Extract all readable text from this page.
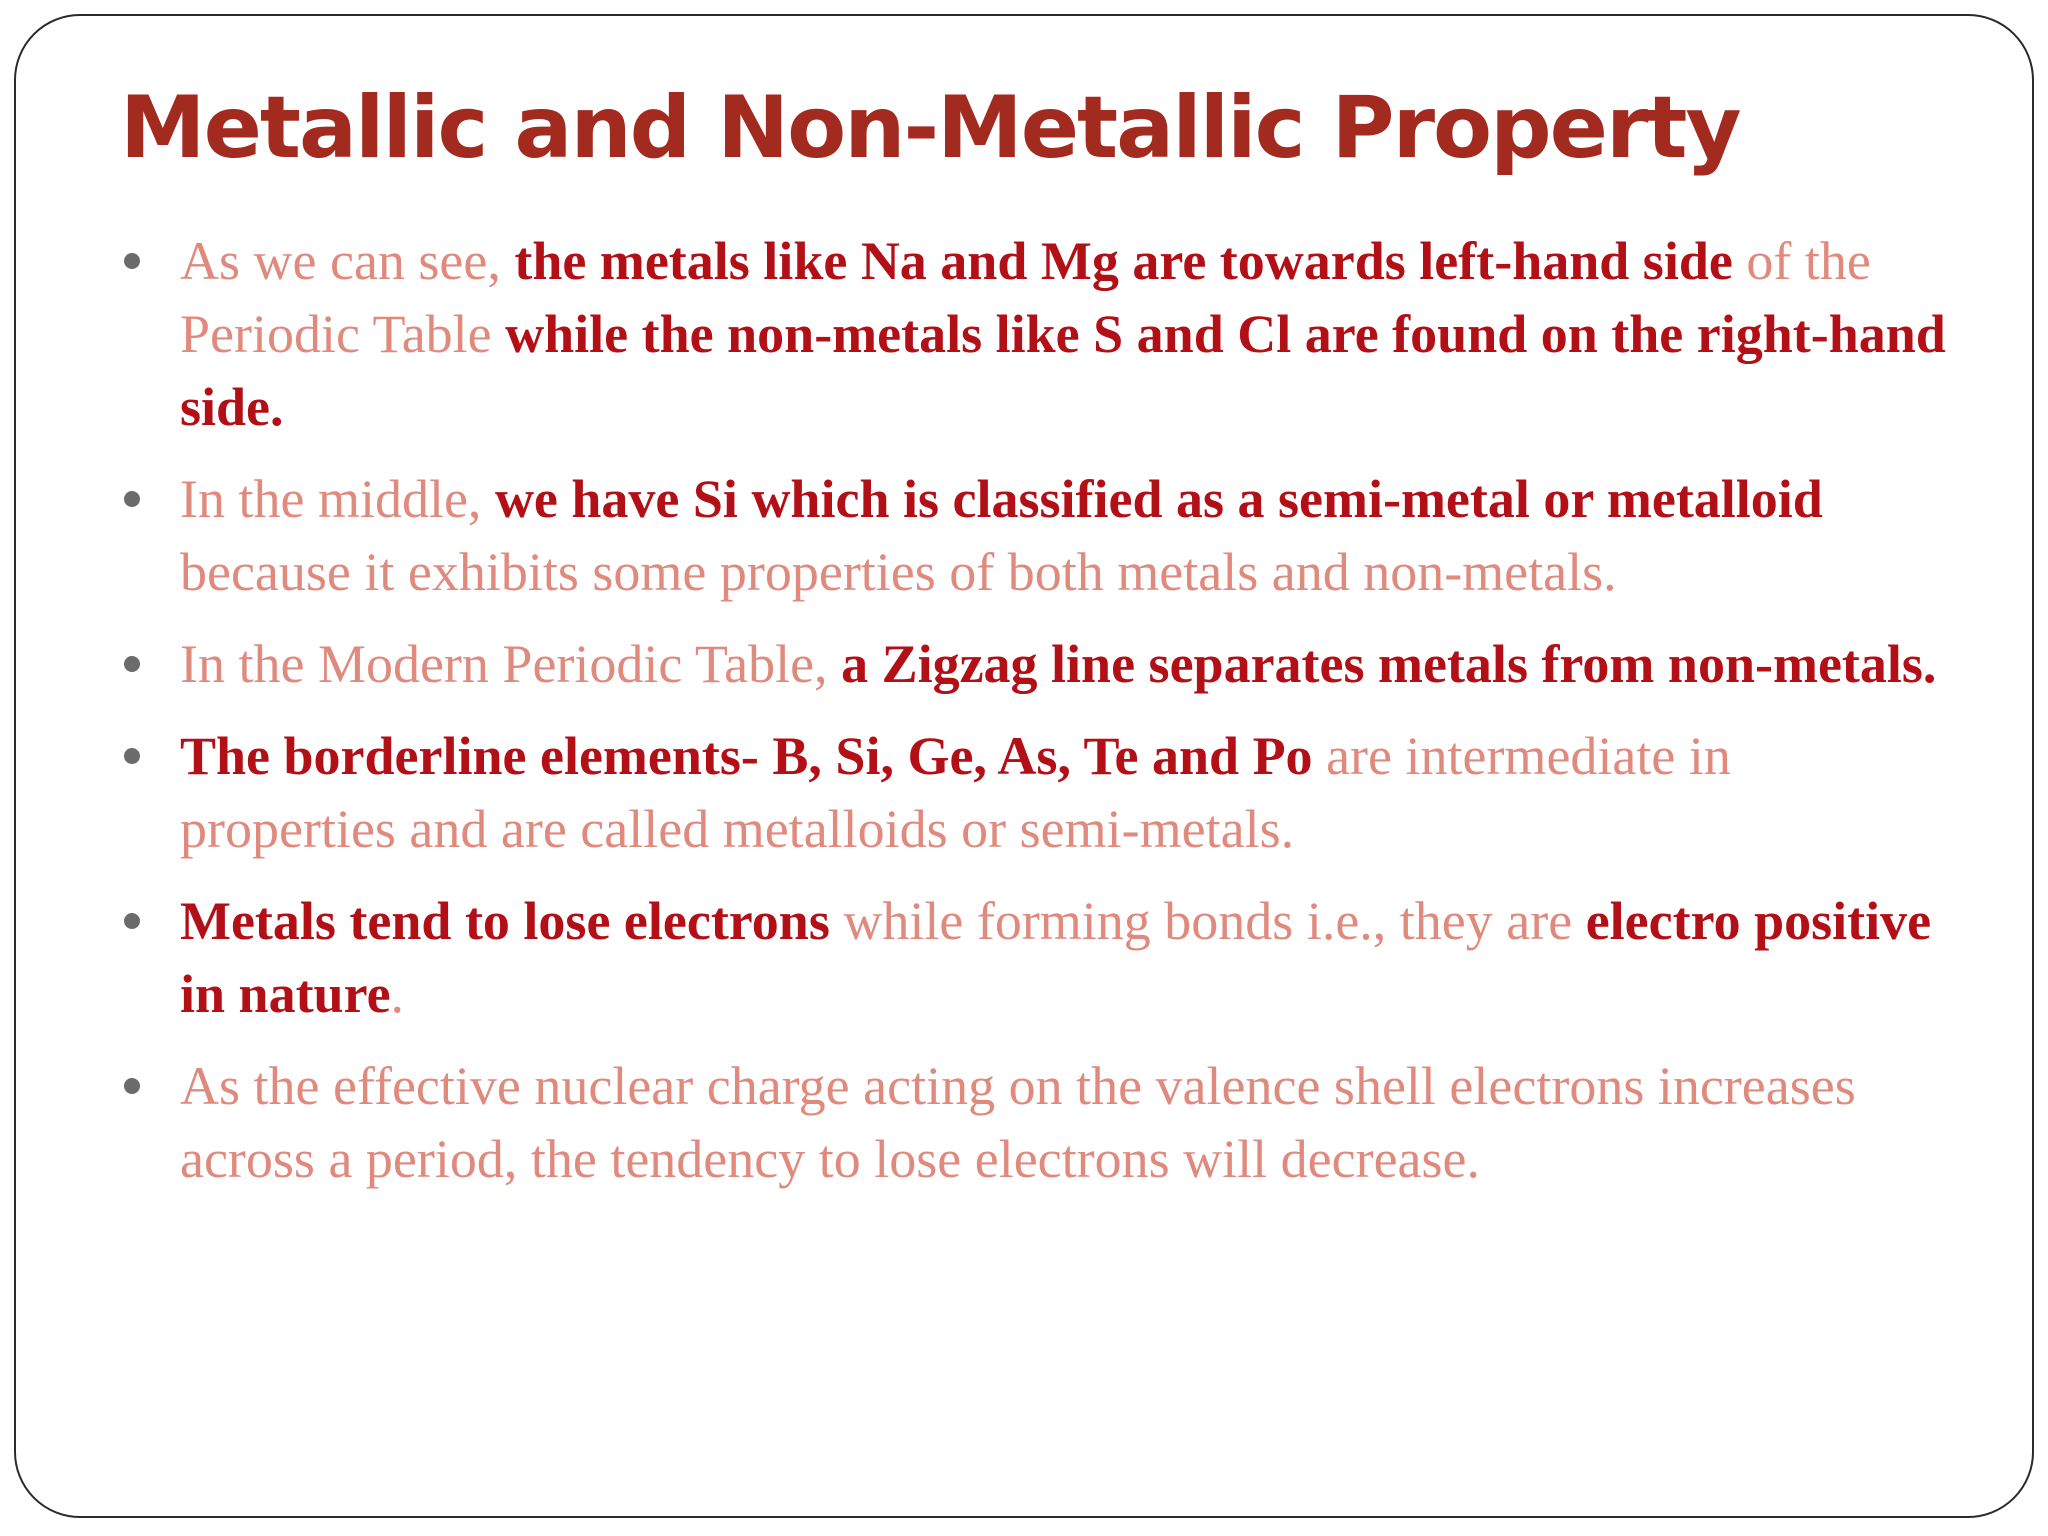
Metallic and Non-Metallic Property
As we can see, the metals like Na and Mg are towards left-hand side of the Periodic Table while the non-metals like S and Cl are found on the right-hand side.
In the middle, we have Si which is classified as a semi-metal or metalloid because it exhibits some properties of both metals and non-metals.
In the Modern Periodic Table, a Zigzag line separates metals from non-metals.
The borderline elements- B, Si, Ge, As, Te and Po are intermediate in properties and are called metalloids or semi-metals.
Metals tend to lose electrons while forming bonds i.e., they are electro positive in nature.
As the effective nuclear charge acting on the valence shell electrons increases across a period, the tendency to lose electrons will decrease.
